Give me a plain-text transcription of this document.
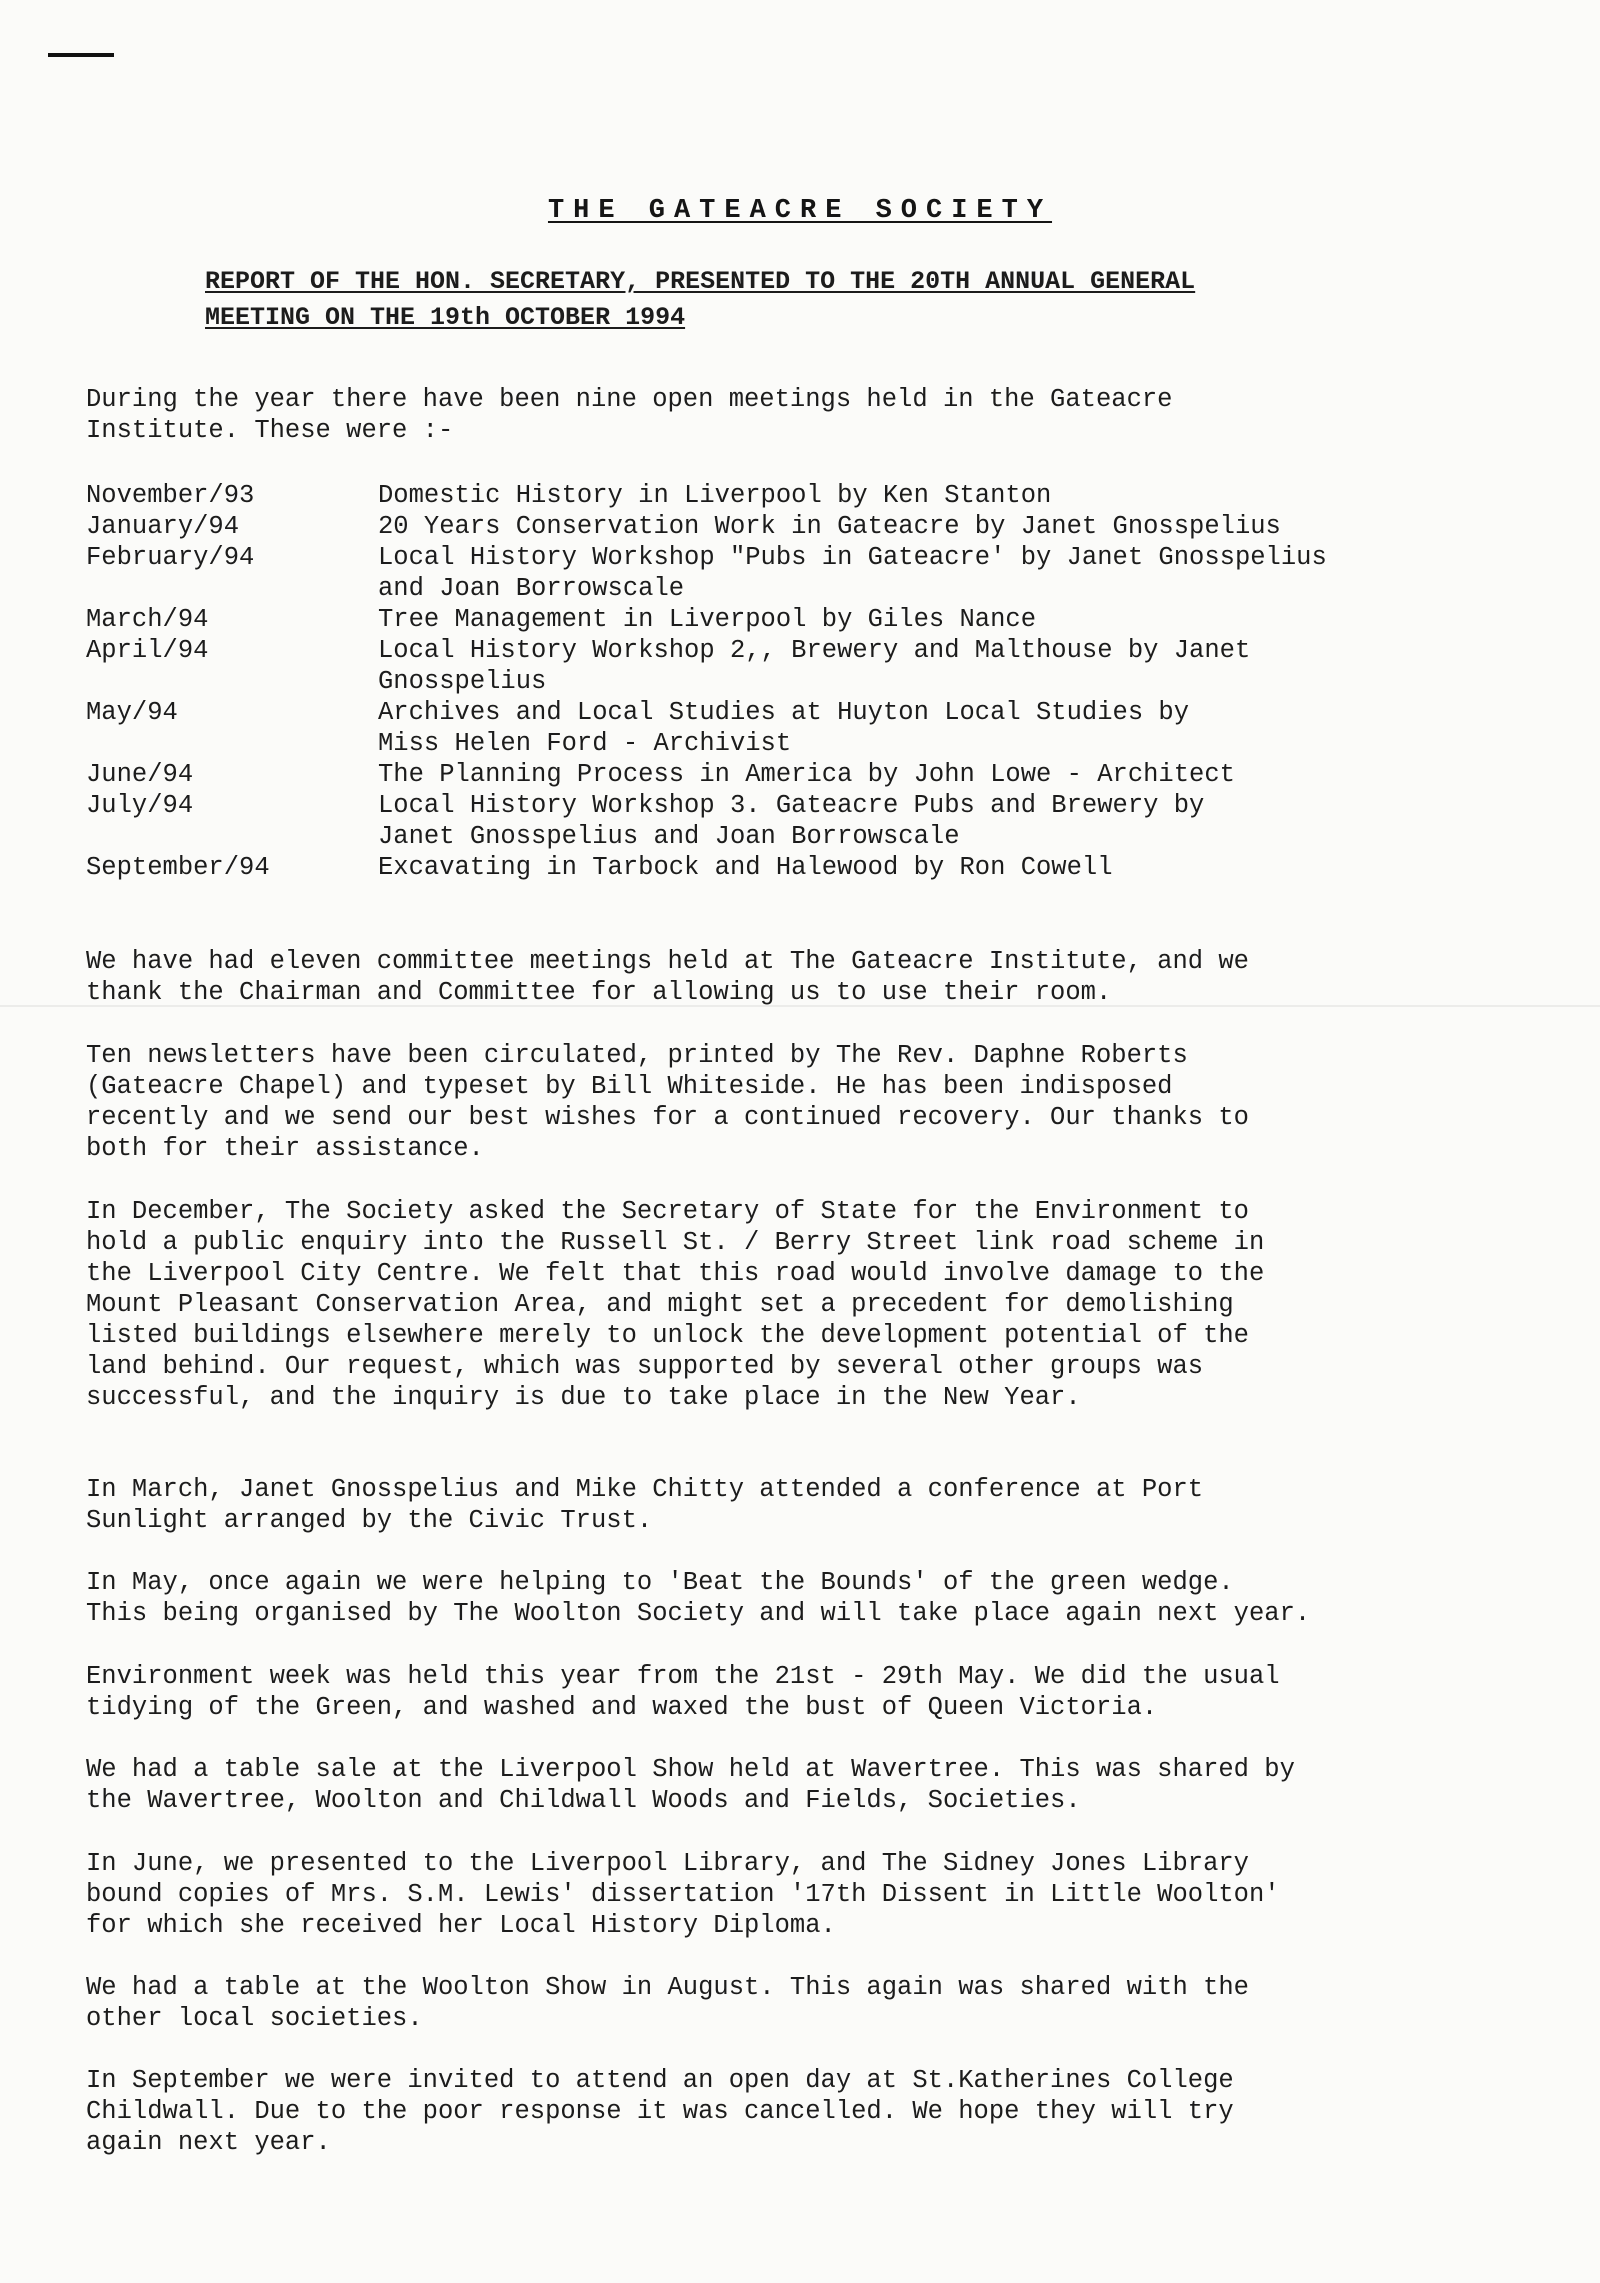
THE GATEACRE SOCIETY
REPORT OF THE HON. SECRETARY, PRESENTED TO THE 20TH ANNUAL GENERAL
MEETING ON THE 19th OCTOBER 1994
During the year there have been nine open meetings held in the Gateacre
Institute. These were :-
November/93	Domestic History in Liverpool by Ken Stanton
January/94	20 Years Conservation Work in Gateacre by Janet Gnosspelius
February/94	Local History Workshop "Pubs in Gateacre' by Janet Gnosspelius
and Joan Borrowscale
March/94	Tree Management in Liverpool by Giles Nance
April/94	Local History Workshop 2,, Brewery and Malthouse by Janet
Gnosspelius
May/94	Archives and Local Studies at Huyton Local Studies by
Miss Helen Ford - Archivist
June/94	The Planning Process in America by John Lowe - Architect
July/94	Local History Workshop 3. Gateacre Pubs and Brewery by
Janet Gnosspelius and Joan Borrowscale
September/94	Excavating in Tarbock and Halewood by Ron Cowell
We have had eleven committee meetings held at The Gateacre Institute, and we
thank the Chairman and Committee for allowing us to use their room.
Ten newsletters have been circulated, printed by The Rev. Daphne Roberts
(Gateacre Chapel) and typeset by Bill Whiteside. He has been indisposed
recently and we send our best wishes for a continued recovery. Our thanks to
both for their assistance.
In December, The Society asked the Secretary of State for the Environment to
hold a public enquiry into the Russell St. / Berry Street link road scheme in
the Liverpool City Centre. We felt that this road would involve damage to the
Mount Pleasant Conservation Area, and might set a precedent for demolishing
listed buildings elsewhere merely to unlock the development potential of the
land behind. Our request, which was supported by several other groups was
successful, and the inquiry is due to take place in the New Year.
In March, Janet Gnosspelius and Mike Chitty attended a conference at Port
Sunlight arranged by the Civic Trust.
In May, once again we were helping to 'Beat the Bounds' of the green wedge.
This being organised by The Woolton Society and will take place again next year.
Environment week was held this year from the 21st - 29th May. We did the usual
tidying of the Green, and washed and waxed the bust of Queen Victoria.
We had a table sale at the Liverpool Show held at Wavertree. This was shared by
the Wavertree, Woolton and Childwall Woods and Fields, Societies.
In June, we presented to the Liverpool Library, and The Sidney Jones Library
bound copies of Mrs. S.M. Lewis' dissertation '17th Dissent in Little Woolton'
for which she received her Local History Diploma.
We had a table at the Woolton Show in August. This again was shared with the
other local societies.
In September we were invited to attend an open day at St.Katherines College
Childwall. Due to the poor response it was cancelled. We hope they will try
again next year.
